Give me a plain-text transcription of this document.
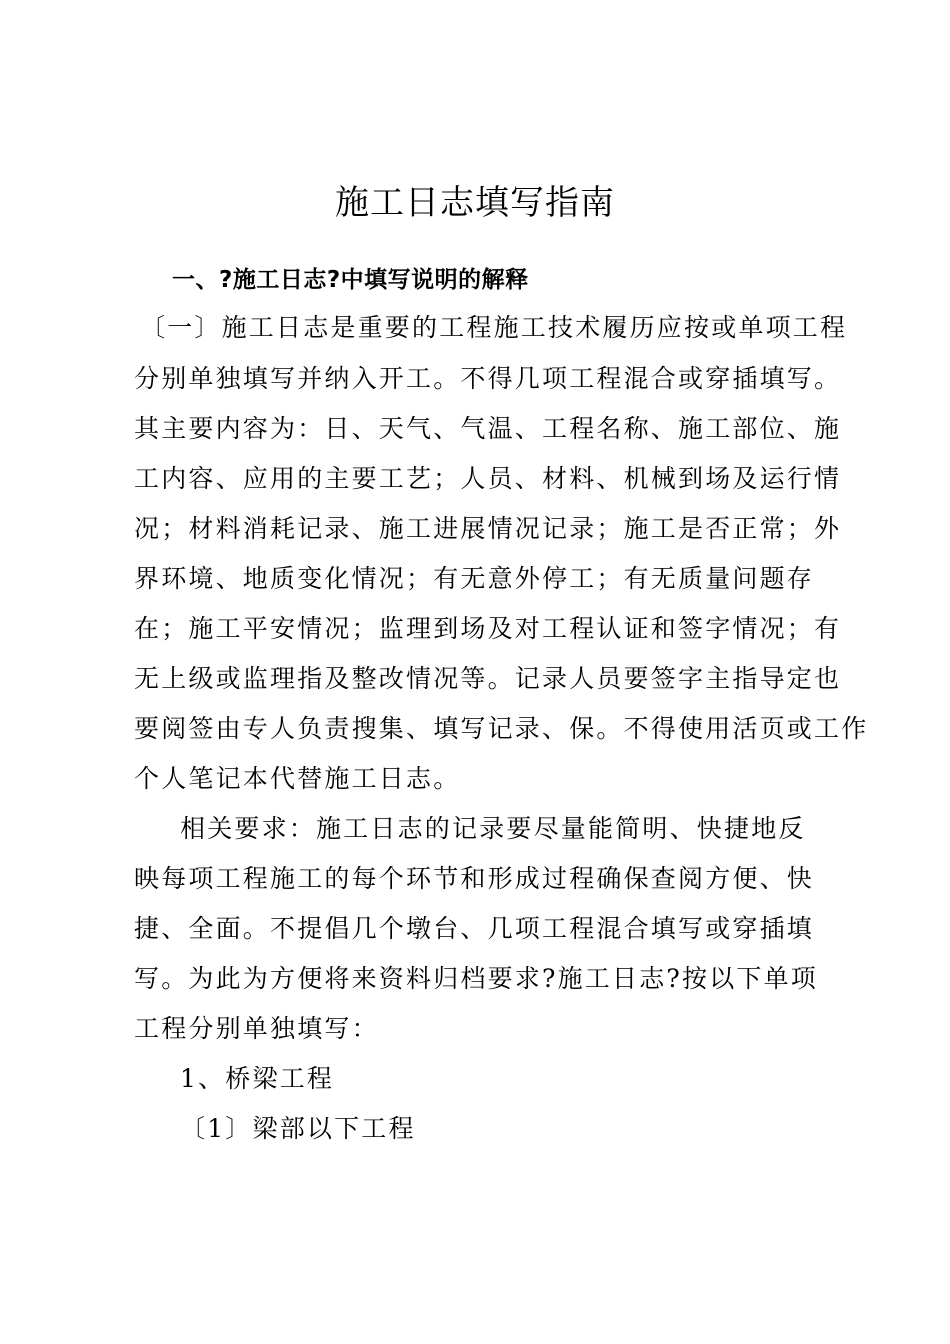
施工日志填写指南
一、?施工日志?中填写说明的解释
〔一〕施工日志是重要的工程施工技术履历应按或单项工程
分别单独填写并纳入开工。不得几项工程混合或穿插填写。
其主要内容为：日、天气、气温、工程名称、施工部位、施
工内容、应用的主要工艺；人员、材料、机械到场及运行情
况；材料消耗记录、施工进展情况记录；施工是否正常；外
界环境、地质变化情况；有无意外停工；有无质量问题存
在；施工平安情况；监理到场及对工程认证和签字情况；有
无上级或监理指及整改情况等。记录人员要签字主指导定也
要阅签由专人负责搜集、填写记录、保。不得使用活页或工作
个人笔记本代替施工日志。
相关要求：施工日志的记录要尽量能简明、快捷地反
映每项工程施工的每个环节和形成过程确保查阅方便、快
捷、全面。不提倡几个墩台、几项工程混合填写或穿插填
写。为此为方便将来资料归档要求?施工日志?按以下单项
工程分别单独填写：
1、桥梁工程
〔1〕梁部以下工程
